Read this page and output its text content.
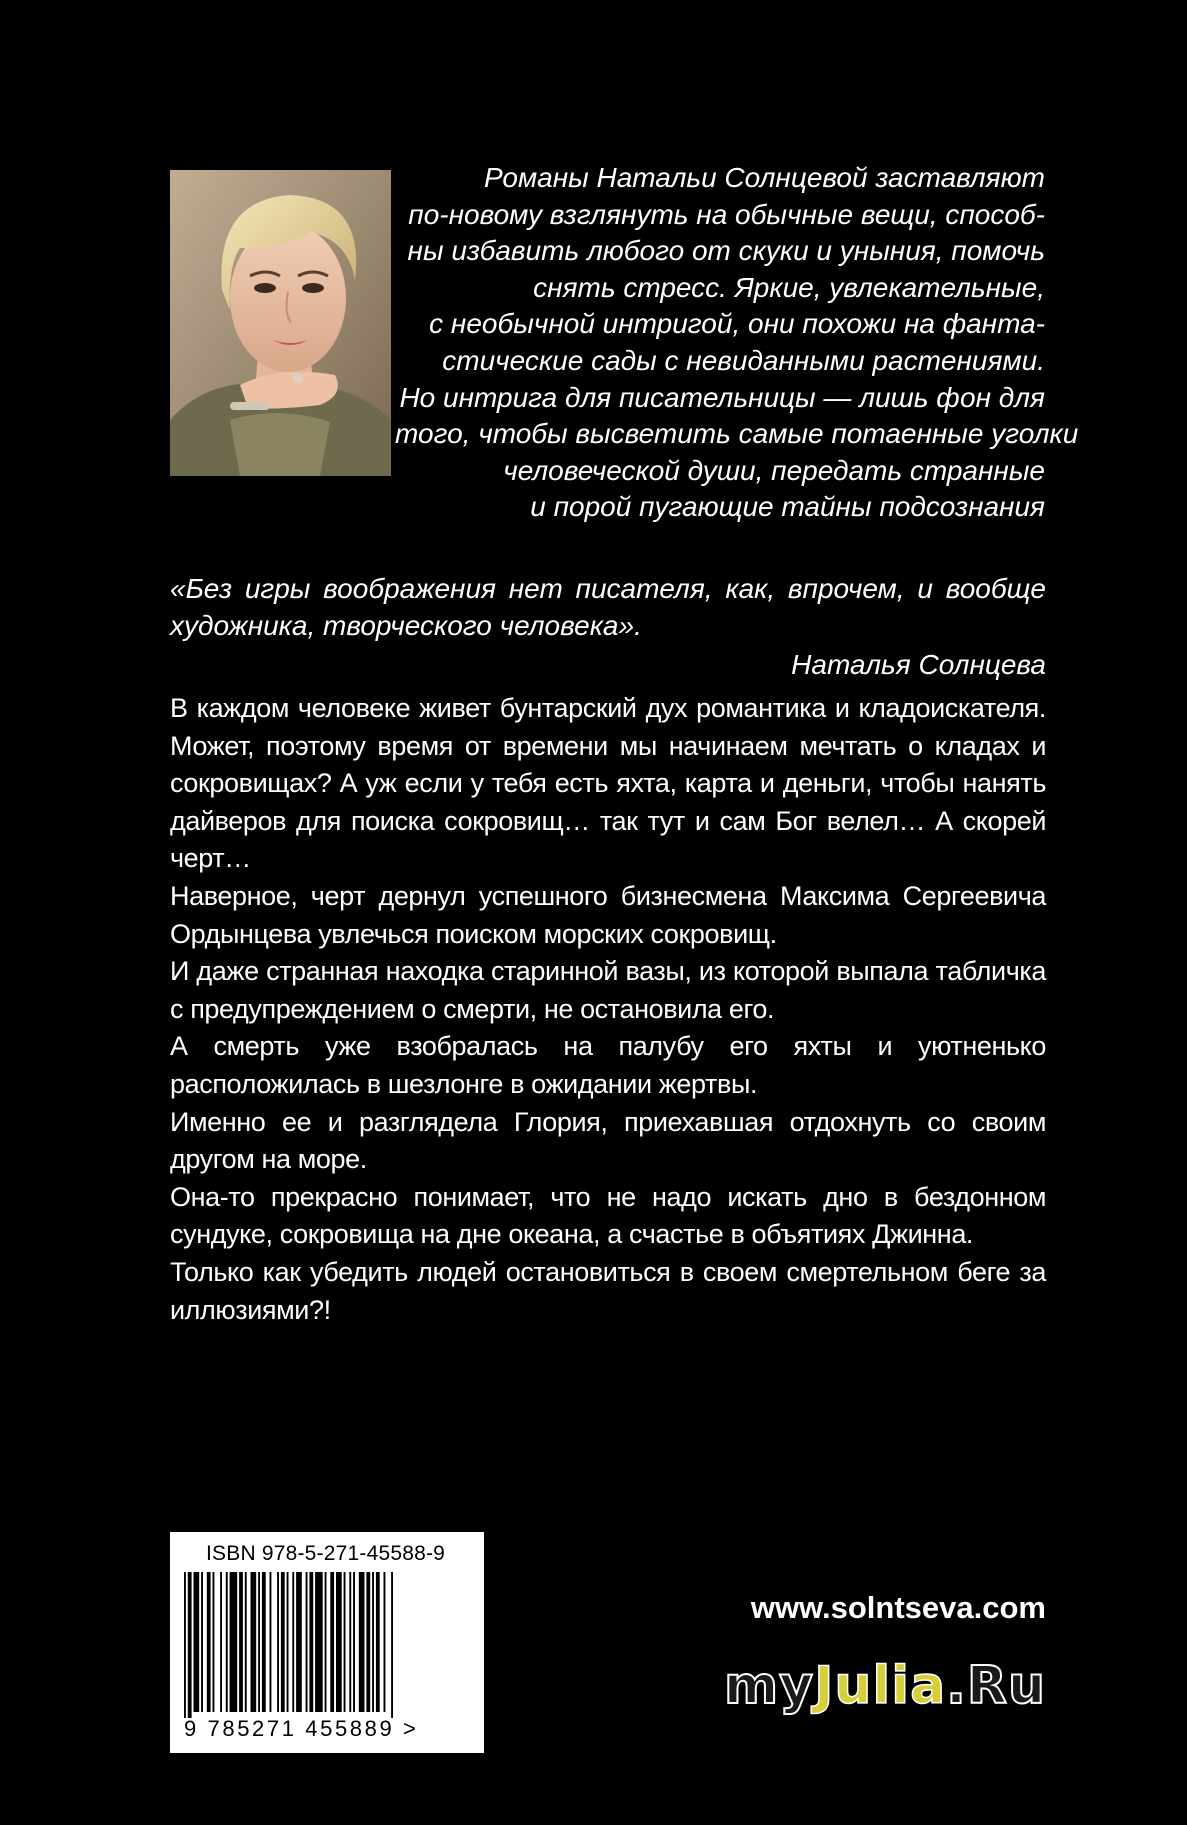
Романы Натальи Солнцевой заставляют
по-новому взглянуть на обычные вещи, способ-
ны избавить любого от скуки и уныния, помочь
снять стресс. Яркие, увлекательные,
с необычной интригой, они похожи на фанта-
стические сады с невиданными растениями.
Но интрига для писательницы — лишь фон для
того, чтобы высветить самые потаенные уголки
человеческой души, передать странные
и порой пугающие тайны подсознания

«Без игры воображения нет писателя, как, впрочем, и вообще художника, творческого человека».

Наталья Солнцева

В каждом человеке живет бунтарский дух романтика и кладоискателя. Может, поэтому время от времени мы начинаем мечтать о кладах и сокровищах? А уж если у тебя есть яхта, карта и деньги, чтобы нанять дайверов для поиска сокровищ… так тут и сам Бог велел… А скорей черт…

Наверное, черт дернул успешного бизнесмена Максима Сергеевича Ордынцева увлечься поиском морских сокровищ.

И даже странная находка старинной вазы, из которой выпала табличка с предупреждением о смерти, не остановила его.

А смерть уже взобралась на палубу его яхты и уютненько расположилась в шезлонге в ожидании жертвы.

Именно ее и разглядела Глория, приехавшая отдохнуть со своим другом на море.

Она-то прекрасно понимает, что не надо искать дно в бездонном сундуке, сокровища на дне океана, а счастье в объятиях Джинна.

Только как убедить людей остановиться в своем смертельном беге за иллюзиями?!

ISBN 978-5-271-45588-9
9 785271 455889 >
www.solntseva.com
myJulia.Ru
